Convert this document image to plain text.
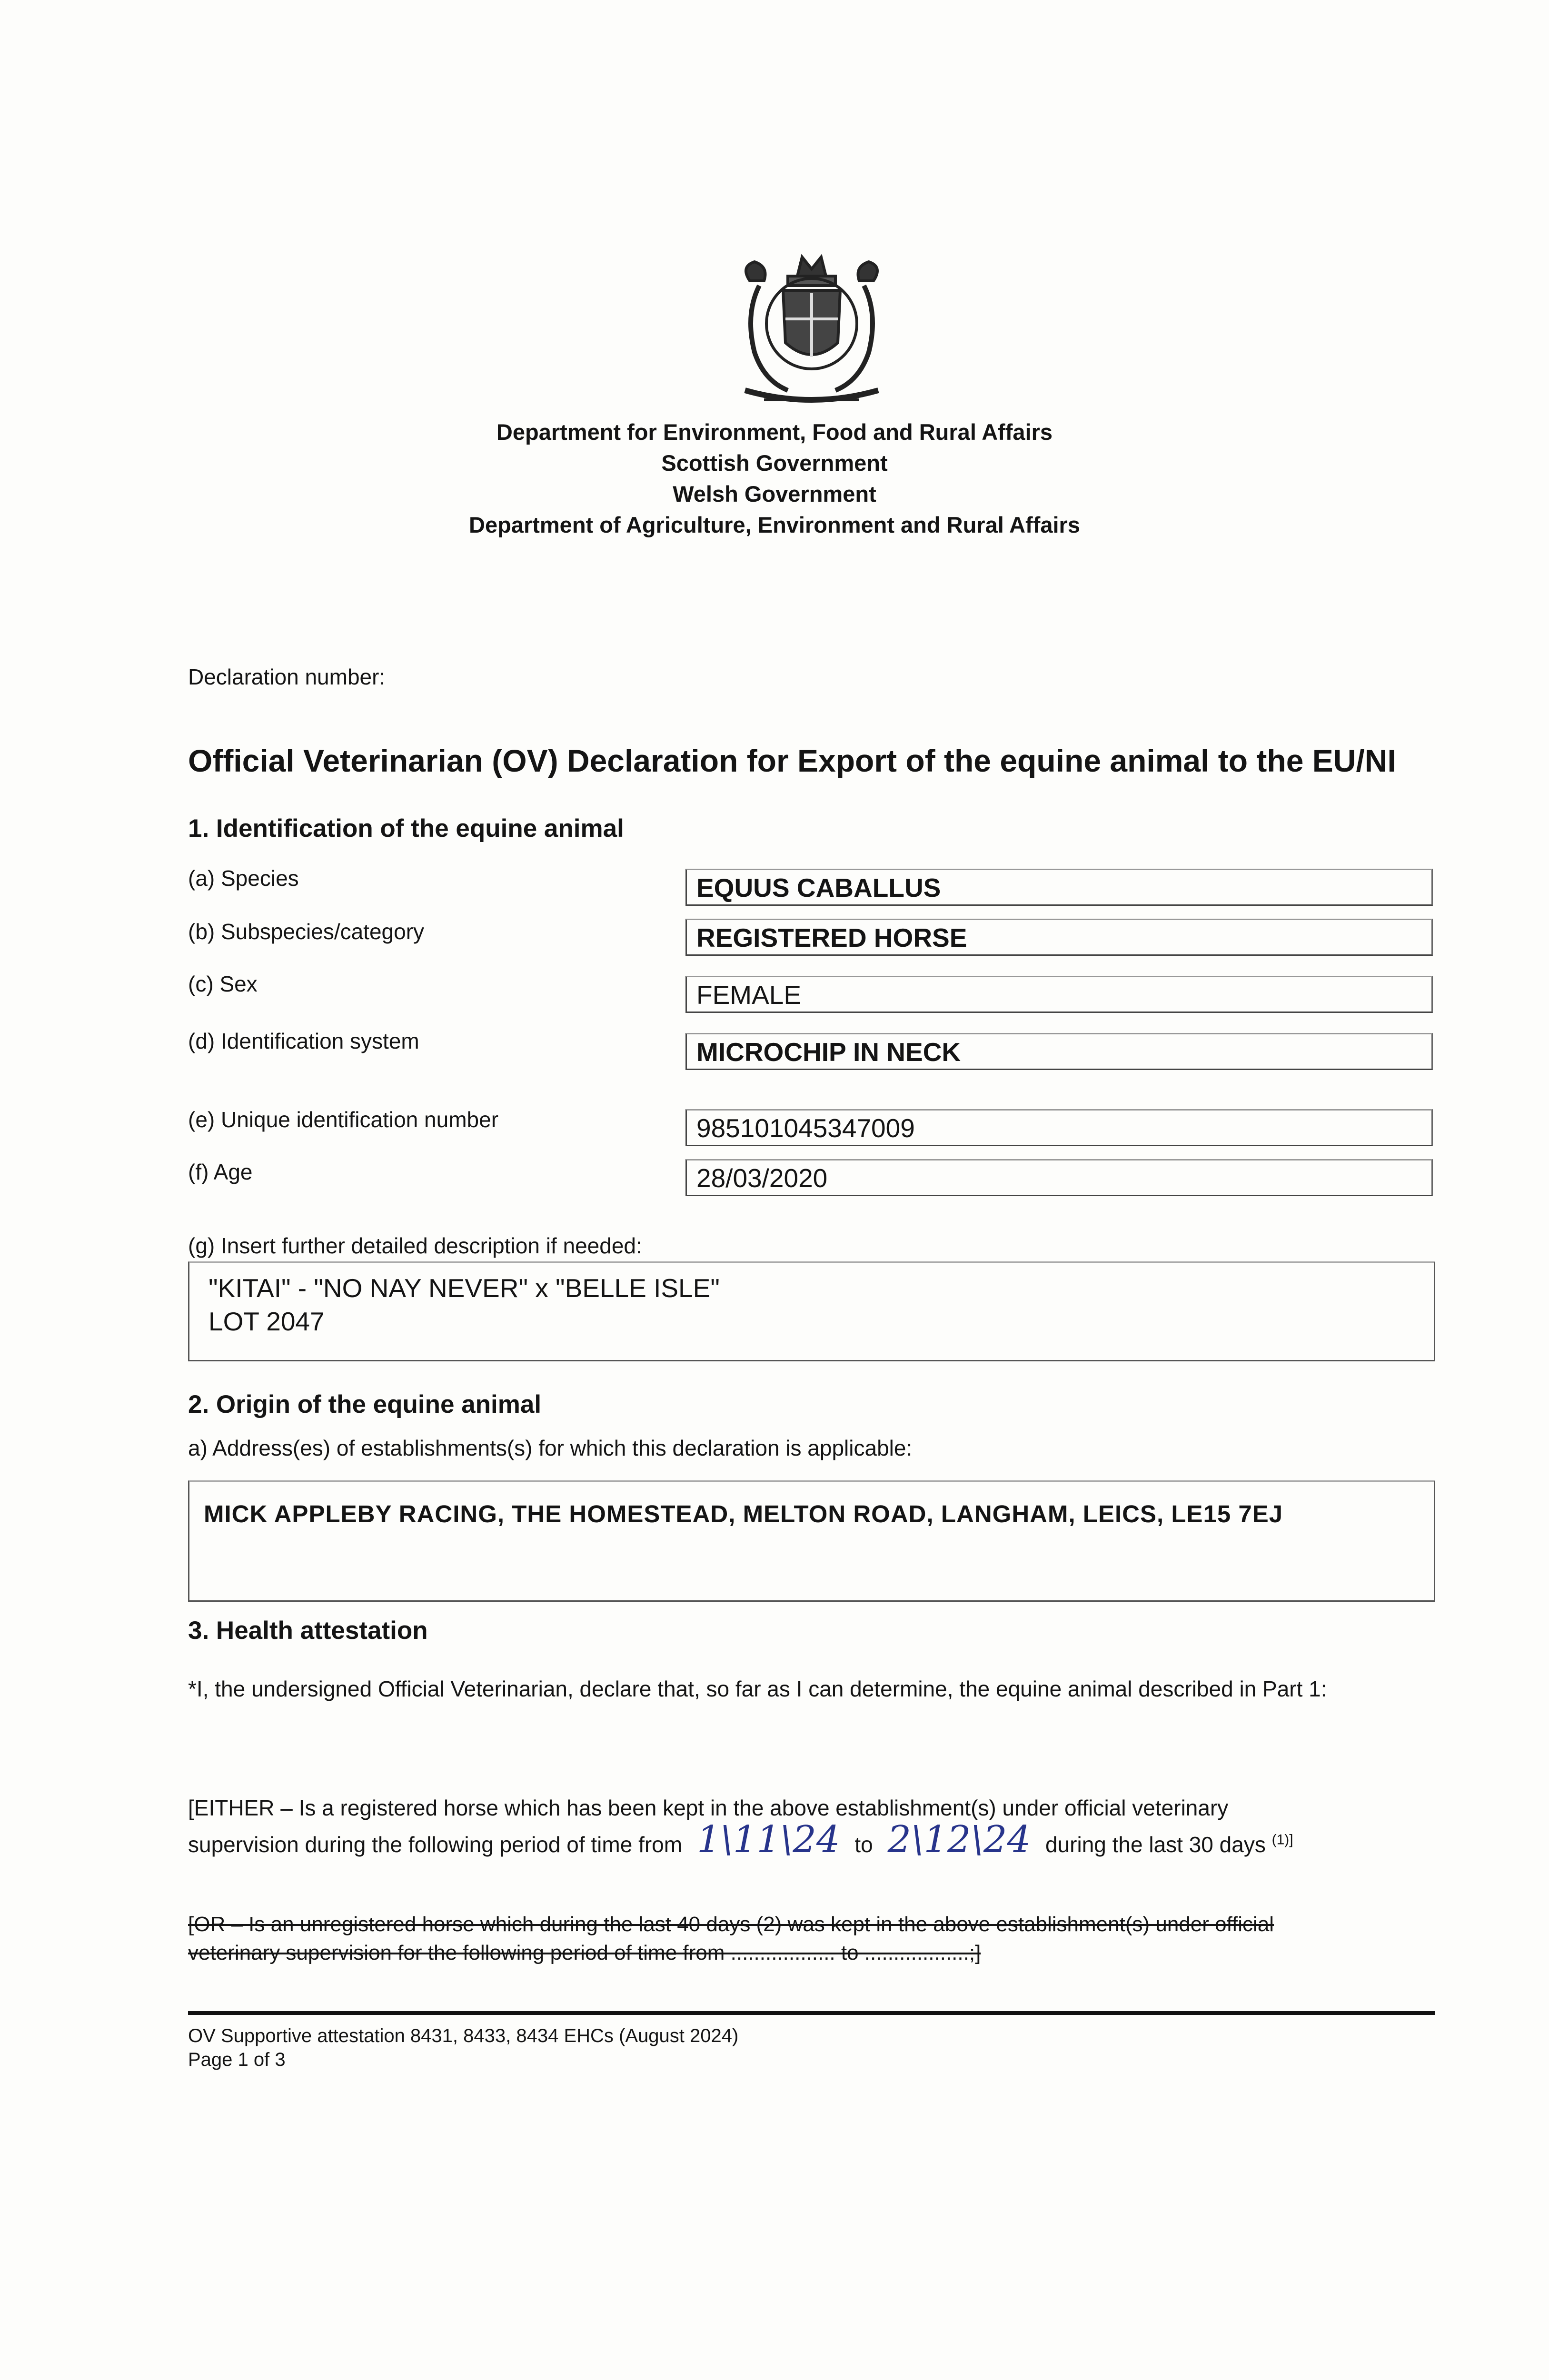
Department for Environment, Food and Rural Affairs
Scottish Government
Welsh Government
Department of Agriculture, Environment and Rural Affairs
Declaration number:
Official Veterinarian (OV) Declaration for Export of the equine animal to the EU/NI
1. Identification of the equine animal
(a) Species	EQUUS CABALLUS
(b) Subspecies/category	REGISTERED HORSE
(c) Sex	FEMALE
(d) Identification system	MICROCHIP IN NECK
(e) Unique identification number	985101045347009
(f) Age	28/03/2020
(g) Insert further detailed description if needed:
"KITAI" - "NO NAY NEVER" x "BELLE ISLE"
LOT 2047
2. Origin of the equine animal
a) Address(es) of establishments(s) for which this declaration is applicable:
MICK APPLEBY RACING, THE HOMESTEAD, MELTON ROAD, LANGHAM, LEICS, LE15 7EJ
3. Health attestation
*I, the undersigned Official Veterinarian, declare that, so far as I can determine, the equine animal described in Part 1:
[EITHER – Is a registered horse which has been kept in the above establishment(s) under official veterinary
supervision during the following period of time from 1\11\24 to 2\12\24 during the last 30 days $^{(1)]}$
[OR – Is an unregistered horse which during the last 40 days (2) was kept in the above establishment(s) under official
veterinary supervision for the following period of time from .................. to ..................;]
OV Supportive attestation 8431, 8433, 8434 EHCs (August 2024)
Page 1 of 3
